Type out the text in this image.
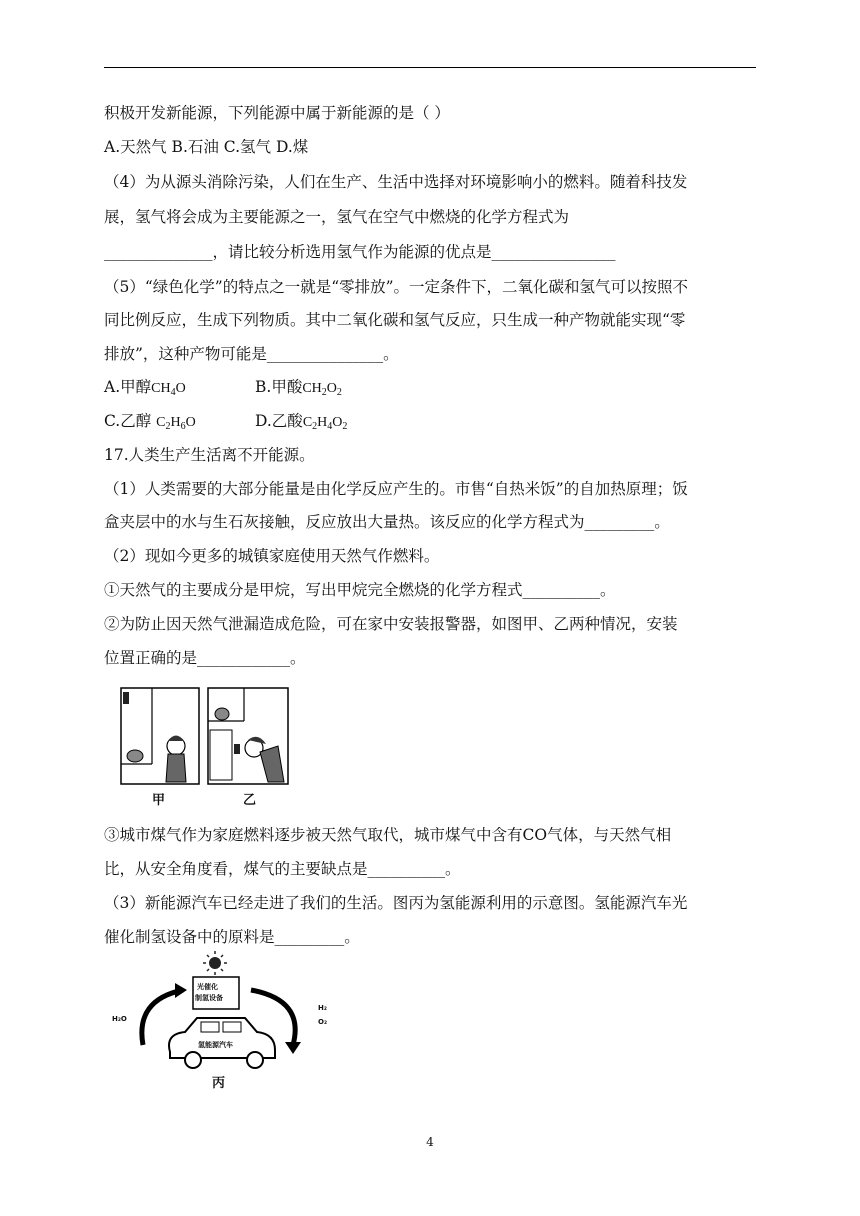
积极开发新能源，下列能源中属于新能源的是（ ）
A.天然气 B.石油 C.氢气 D.煤
（4）为从源头消除污染，人们在生产、生活中选择对环境影响小的燃料。随着科技发
展，氢气将会成为主要能源之一，氢气在空气中燃烧的化学方程式为
______________，请比较分析选用氢气作为能源的优点是________________
（5）“绿色化学”的特点之一就是“零排放”。一定条件下，二氧化碳和氢气可以按照不
同比例反应，生成下列物质。其中二氧化碳和氢气反应，只生成一种产物就能实现“零
排放”，这种产物可能是_______________。
A.甲醇$CH_4O$	B.甲酸$CH_2O_2$
C.乙醇 $C_2H_6O$	D.乙酸$C_2H_4O_2$
17.人类生产生活离不开能源。
（1）人类需要的大部分能量是由化学反应产生的。市售“自热米饭”的自加热原理；饭
盒夹层中的水与生石灰接触，反应放出大量热。该反应的化学方程式为_________。
（2）现如今更多的城镇家庭使用天然气作燃料。
①天然气的主要成分是甲烷，写出甲烷完全燃烧的化学方程式__________。
②为防止因天然气泄漏造成危险，可在家中安装报警器，如图甲、乙两种情况，安装
位置正确的是____________。
甲	乙
③城市煤气作为家庭燃料逐步被天然气取代，城市煤气中含有CO气体，与天然气相
比，从安全角度看，煤气的主要缺点是__________。
（3）新能源汽车已经走进了我们的生活。图丙为氢能源利用的示意图。氢能源汽车光
催化制氢设备中的原料是_________。
光催化
制氢设备
氢能源汽车
H₂O
H₂
O₂
丙
4
